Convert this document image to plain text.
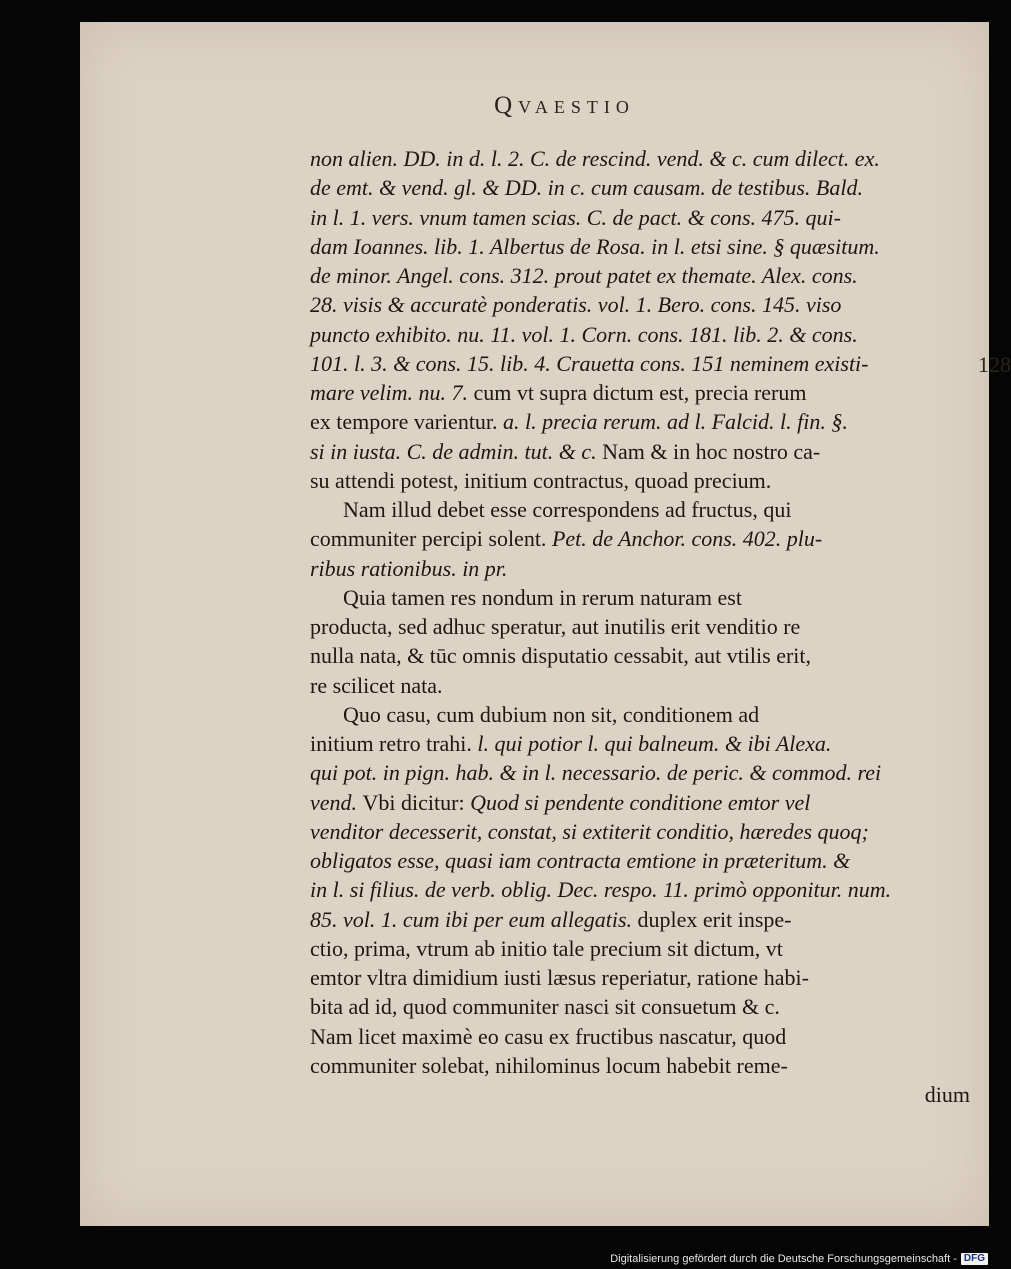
Qvaestio
128
non alien. DD. in d. l. 2. C. de rescind. vend. & c. cum dilect. ex.
de emt. & vend. gl. & DD. in c. cum causam. de testibus. Bald.
in l. 1. vers. vnum tamen scias. C. de pact. & cons. 475. qui-
dam Ioannes. lib. 1. Albertus de Rosa. in l. etsi sine. § quæsitum.
de minor. Angel. cons. 312. prout patet ex themate. Alex. cons.
28. visis & accuratè ponderatis. vol. 1. Bero. cons. 145. viso
puncto exhibito. nu. 11. vol. 1. Corn. cons. 181. lib. 2. & cons.
101. l. 3. & cons. 15. lib. 4. Crauetta cons. 151 neminem existi-
mare velim. nu. 7. cum vt supra dictum est, precia rerum
ex tempore varientur. a. l. precia rerum. ad l. Falcid. l. fin. §.
si in iusta. C. de admin. tut. & c. Nam & in hoc nostro ca-
su attendi potest, initium contractus, quoad precium.
Nam illud debet esse correspondens ad fructus, qui
communiter percipi solent. Pet. de Anchor. cons. 402. plu-
ribus rationibus. in pr.
Quia tamen res nondum in rerum naturam est
producta, sed adhuc speratur, aut inutilis erit venditio re
nulla nata, & tūc omnis disputatio cessabit, aut vtilis erit,
re scilicet nata.
Quo casu, cum dubium non sit, conditionem ad
initium retro trahi. l. qui potior l. qui balneum. & ibi Alexa.
qui pot. in pign. hab. & in l. necessario. de peric. & commod. rei
vend. Vbi dicitur: Quod si pendente conditione emtor vel
venditor decesserit, constat, si extiterit conditio, hæredes quoq;
obligatos esse, quasi iam contracta emtione in præteritum. &
in l. si filius. de verb. oblig. Dec. respo. 11. primò opponitur. num.
85. vol. 1. cum ibi per eum allegatis. duplex erit inspe-
ctio, prima, vtrum ab initio tale precium sit dictum, vt
emtor vltra dimidium iusti læsus reperiatur, ratione habi-
bita ad id, quod communiter nasci sit consuetum & c.
Nam licet maximè eo casu ex fructibus nascatur, quod
communiter solebat, nihilominus locum habebit reme-
dium
Digitalisierung gefördert durch die Deutsche Forschungsgemeinschaft - DFG
